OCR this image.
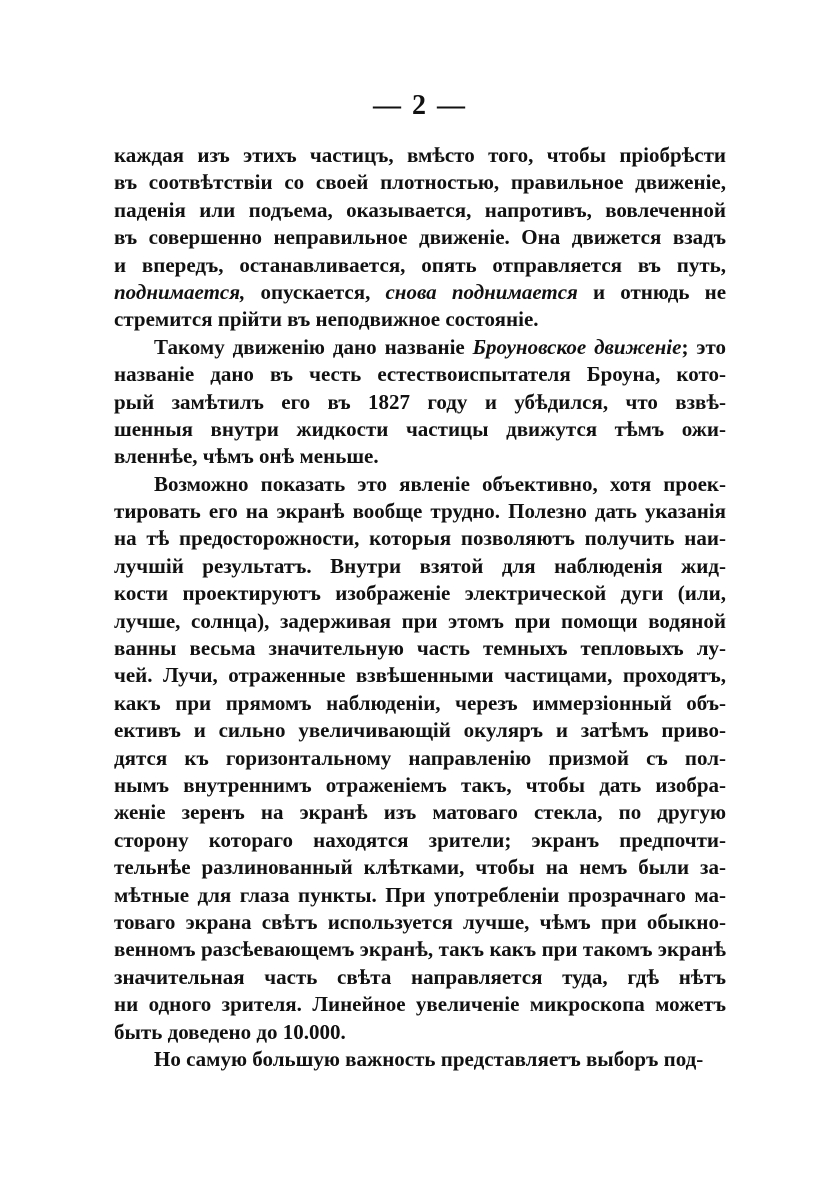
— 2 —
каждая изъ этихъ частицъ, вмѣсто того, чтобы пріобрѣсти
въ соотвѣтствіи со своей плотностью, правильное движеніе,
паденія или подъема, оказывается, напротивъ, вовлеченной
въ совершенно неправильное движеніе. Она движется взадъ
и впередъ, останавливается, опять отправляется въ путь,
поднимается, опускается, снова поднимается и отнюдь не
стремится прійти въ неподвижное состояніе.
Такому движенію дано названіе Броуновское движеніе; это
названіе дано въ честь естествоиспытателя Броуна, кото-
рый замѣтилъ его въ 1827 году и убѣдился, что взвѣ-
шенныя внутри жидкости частицы движутся тѣмъ ожи-
вленнѣе, чѣмъ онѣ меньше.
Возможно показать это явленіе объективно, хотя проек-
тировать его на экранѣ вообще трудно. Полезно дать указанія
на тѣ предосторожности, которыя позволяютъ получить наи-
лучшій результатъ. Внутри взятой для наблюденія жид-
кости проектируютъ изображеніе электрической дуги (или,
лучше, солнца), задерживая при этомъ при помощи водяной
ванны весьма значительную часть темныхъ тепловыхъ лу-
чей. Лучи, отраженные взвѣшенными частицами, проходятъ,
какъ при прямомъ наблюденіи, черезъ иммерзіонный объ-
ективъ и сильно увеличивающій окуляръ и затѣмъ приво-
дятся къ горизонтальному направленію призмой съ пол-
нымъ внутреннимъ отраженіемъ такъ, чтобы дать изобра-
женіе зеренъ на экранѣ изъ матоваго стекла, по другую
сторону котораго находятся зрители; экранъ предпочти-
тельнѣе разлинованный клѣтками, чтобы на немъ были за-
мѣтные для глаза пункты. При употребленіи прозрачнаго ма-
товаго экрана свѣтъ используется лучше, чѣмъ при обыкно-
венномъ разсѣевающемъ экранѣ, такъ какъ при такомъ экранѣ
значительная часть свѣта направляется туда, гдѣ нѣтъ
ни одного зрителя. Линейное увеличеніе микроскопа можетъ
быть доведено до 10.000.
Но самую большую важность представляетъ выборъ под-
